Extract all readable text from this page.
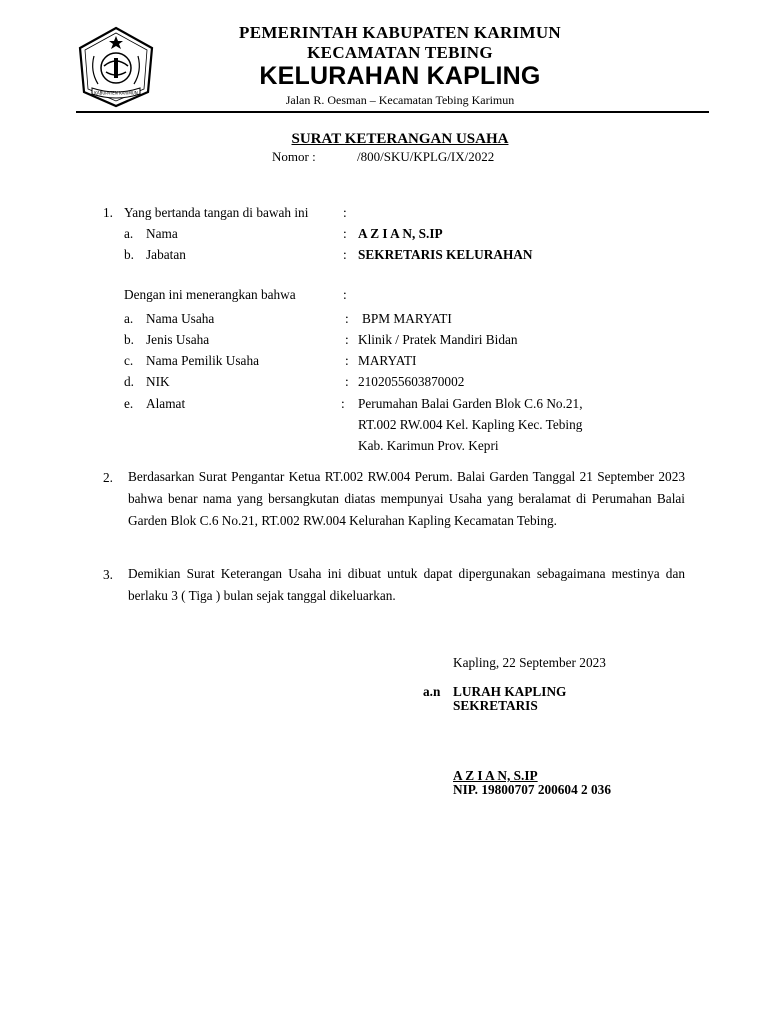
KABUPATEN KARIMUN
PEMERINTAH KABUPATEN KARIMUN
KECAMATAN TEBING
KELURAHAN KAPLING
Jalan R. Oesman – Kecamatan Tebing Karimun
SURAT KETERANGAN USAHA
Nomor :	/800/SKU/KPLG/IX/2022
1. Yang bertanda tangan di bawah ini	:
a. Nama	: A Z I A N, S.IP
b. Jabatan	: SEKRETARIS KELURAHAN
Dengan ini menerangkan bahwa	:
a. Nama Usaha	: BPM MARYATI
b. Jenis Usaha	: Klinik / Pratek Mandiri Bidan
c. Nama Pemilik Usaha	: MARYATI
d. NIK	: 2102055603870002
e. Alamat	: Perumahan Balai Garden Blok C.6 No.21,
RT.002 RW.004 Kel. Kapling Kec. Tebing
Kab. Karimun Prov. Kepri
2. Berdasarkan Surat Pengantar Ketua RT.002 RW.004 Perum. Balai Garden Tanggal 21 September 2023 bahwa benar nama yang bersangkutan diatas mempunyai Usaha yang beralamat di Perumahan Balai Garden Blok C.6 No.21, RT.002 RW.004 Kelurahan Kapling Kecamatan Tebing.
3. Demikian Surat Keterangan Usaha ini dibuat untuk dapat dipergunakan sebagaimana mestinya dan berlaku 3 ( Tiga ) bulan sejak tanggal dikeluarkan.
Kapling, 22 September 2023
a.n LURAH KAPLING
SEKRETARIS
A Z I A N, S.IP
NIP. 19800707 200604 2 036
